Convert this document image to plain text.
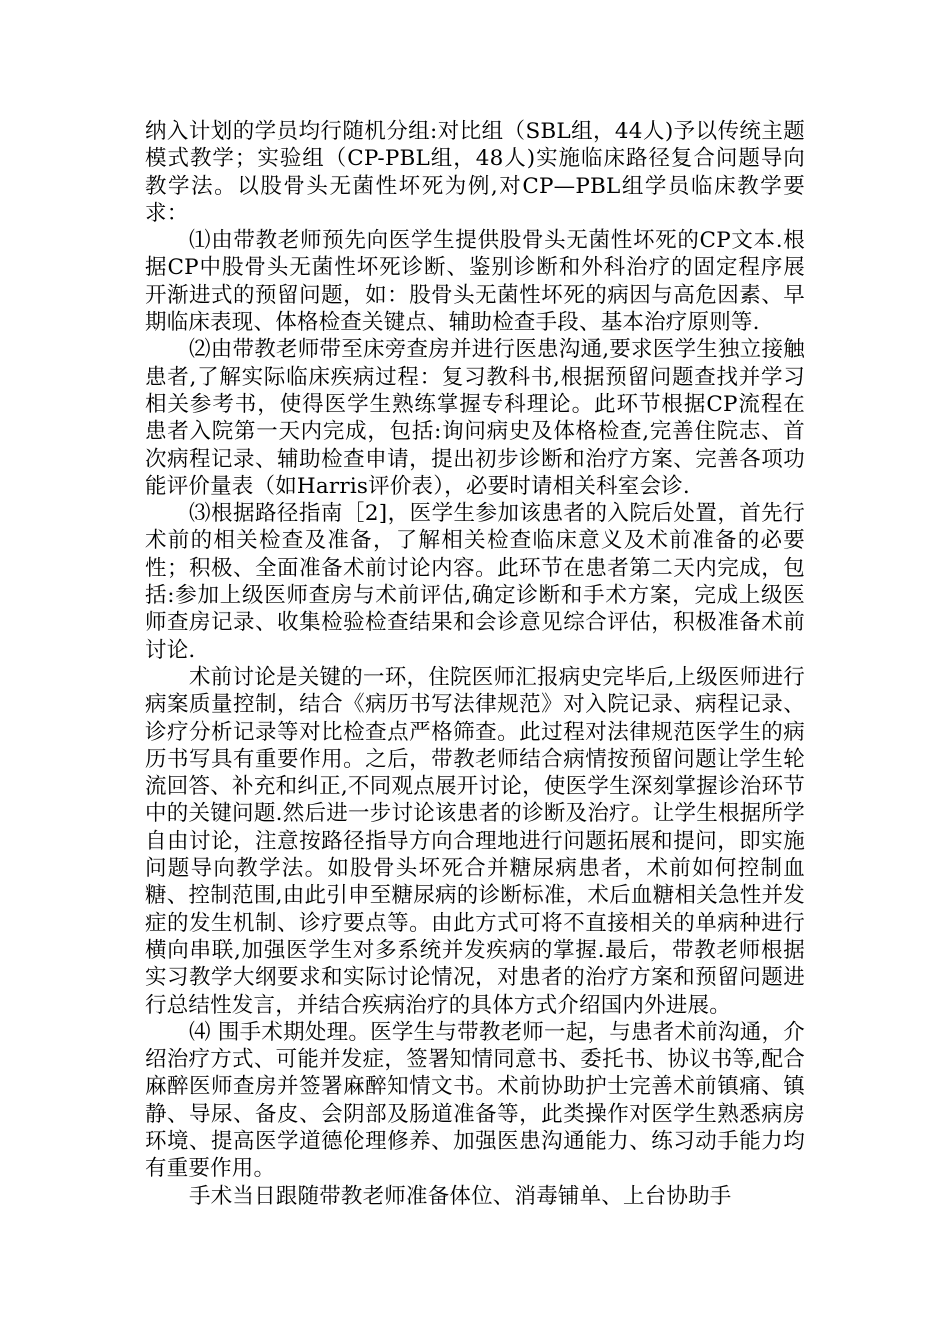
纳入计划的学员均行随机分组:对比组（SBL组，44人)予以传统主题模式教学；实验组（CP-PBL组，48人)实施临床路径复合问题导向教学法。以股骨头无菌性坏死为例,对CP—PBL组学员临床教学要求：

⑴由带教老师预先向医学生提供股骨头无菌性坏死的CP文本.根据CP中股骨头无菌性坏死诊断、鉴别诊断和外科治疗的固定程序展开渐进式的预留问题，如：股骨头无菌性坏死的病因与高危因素、早期临床表现、体格检查关键点、辅助检查手段、基本治疗原则等.

⑵由带教老师带至床旁查房并进行医患沟通,要求医学生独立接触患者,了解实际临床疾病过程：复习教科书,根据预留问题查找并学习相关参考书，使得医学生熟练掌握专科理论。此环节根据CP流程在患者入院第一天内完成，包括:询问病史及体格检查,完善住院志、首次病程记录、辅助检查申请，提出初步诊断和治疗方案、完善各项功能评价量表（如Harris评价表），必要时请相关科室会诊.

⑶根据路径指南［2]，医学生参加该患者的入院后处置，首先行术前的相关检查及准备，了解相关检查临床意义及术前准备的必要性；积极、全面准备术前讨论内容。此环节在患者第二天内完成，包括:参加上级医师查房与术前评估,确定诊断和手术方案，完成上级医师查房记录、收集检验检查结果和会诊意见综合评估，积极准备术前讨论.

术前讨论是关键的一环，住院医师汇报病史完毕后,上级医师进行病案质量控制，结合《病历书写法律规范》对入院记录、病程记录、诊疗分析记录等对比检查点严格筛查。此过程对法律规范医学生的病历书写具有重要作用。之后，带教老师结合病情按预留问题让学生轮流回答、补充和纠正,不同观点展开讨论，使医学生深刻掌握诊治环节中的关键问题.然后进一步讨论该患者的诊断及治疗。让学生根据所学自由讨论，注意按路径指导方向合理地进行问题拓展和提问，即实施问题导向教学法。如股骨头坏死合并糖尿病患者，术前如何控制血糖、控制范围,由此引申至糖尿病的诊断标准，术后血糖相关急性并发症的发生机制、诊疗要点等。由此方式可将不直接相关的单病种进行横向串联,加强医学生对多系统并发疾病的掌握.最后，带教老师根据实习教学大纲要求和实际讨论情况，对患者的治疗方案和预留问题进行总结性发言，并结合疾病治疗的具体方式介绍国内外进展。

⑷ 围手术期处理。医学生与带教老师一起，与患者术前沟通，介绍治疗方式、可能并发症，签署知情同意书、委托书、协议书等,配合麻醉医师查房并签署麻醉知情文书。术前协助护士完善术前镇痛、镇静、导尿、备皮、会阴部及肠道准备等，此类操作对医学生熟悉病房环境、提高医学道德伦理修养、加强医患沟通能力、练习动手能力均有重要作用。

手术当日跟随带教老师准备体位、消毒铺单、上台协助手
